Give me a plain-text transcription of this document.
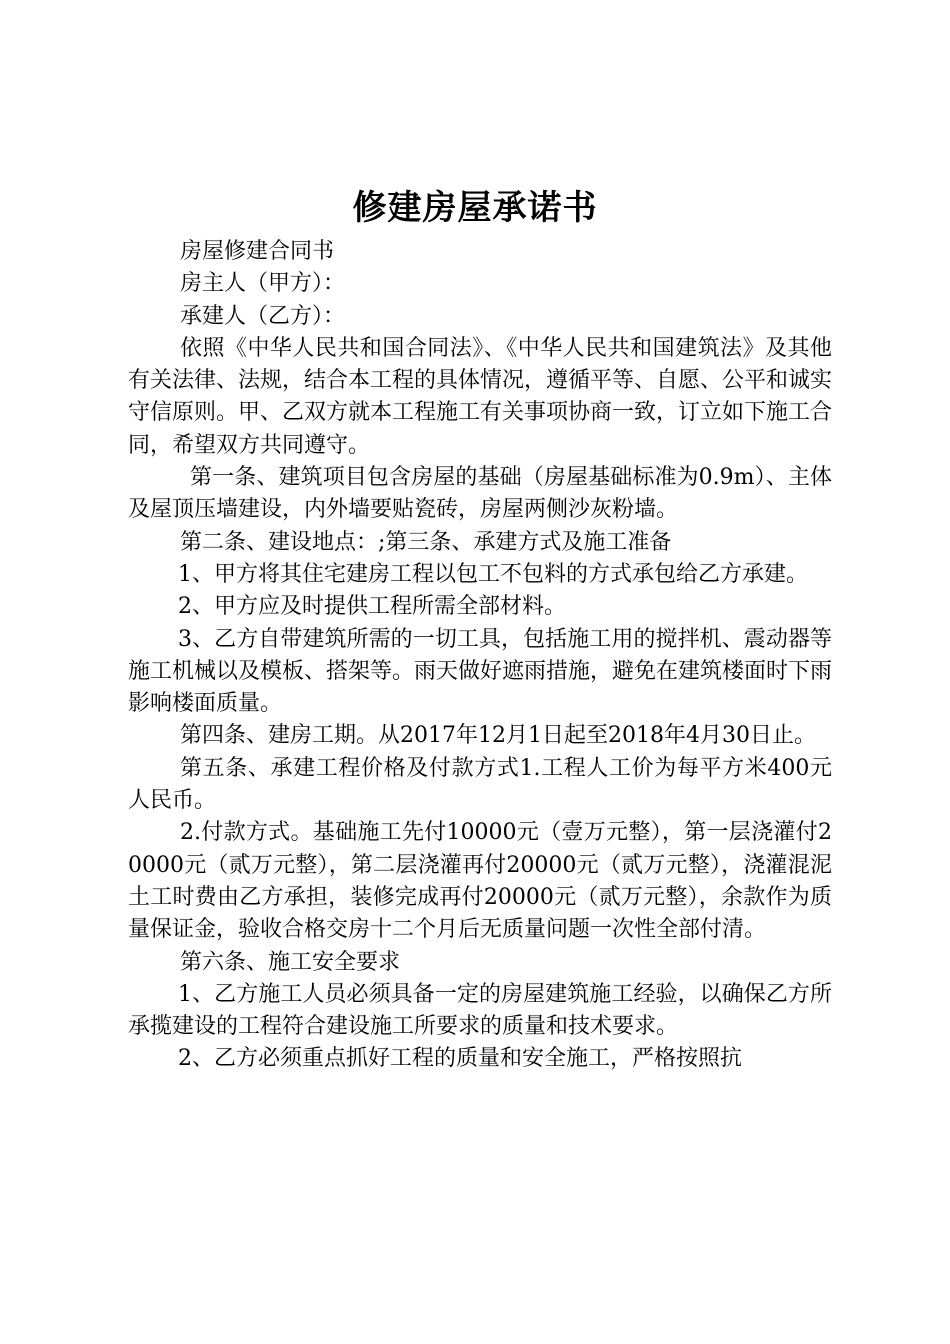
修建房屋承诺书

房屋修建合同书

房主人（甲方）：

承建人（乙方）：

依照《中华人民共和国合同法》、《中华人民共和国建筑法》及其他有关法律、法规，结合本工程的具体情况，遵循平等、自愿、公平和诚实守信原则。甲、乙双方就本工程施工有关事项协商一致，订立如下施工合同，希望双方共同遵守。

第一条、建筑项目包含房屋的基础（房屋基础标准为0.9m）、主体及屋顶压墙建设，内外墙要贴瓷砖，房屋两侧沙灰粉墙。

第二条、建设地点：;第三条、承建方式及施工准备

1、甲方将其住宅建房工程以包工不包料的方式承包给乙方承建。

2、甲方应及时提供工程所需全部材料。

3、乙方自带建筑所需的一切工具，包括施工用的搅拌机、震动器等施工机械以及模板、搭架等。雨天做好遮雨措施，避免在建筑楼面时下雨影响楼面质量。

第四条、建房工期。从2017年12月1日起至2018年4月30日止。

第五条、承建工程价格及付款方式1.工程人工价为每平方米400元人民币。

2.付款方式。基础施工先付10000元（壹万元整），第一层浇灌付20000元（贰万元整），第二层浇灌再付20000元（贰万元整），浇灌混泥土工时费由乙方承担，装修完成再付20000元（贰万元整），余款作为质量保证金，验收合格交房十二个月后无质量问题一次性全部付清。

第六条、施工安全要求

1、乙方施工人员必须具备一定的房屋建筑施工经验，以确保乙方所承揽建设的工程符合建设施工所要求的质量和技术要求。

2、乙方必须重点抓好工程的质量和安全施工，严格按照抗
